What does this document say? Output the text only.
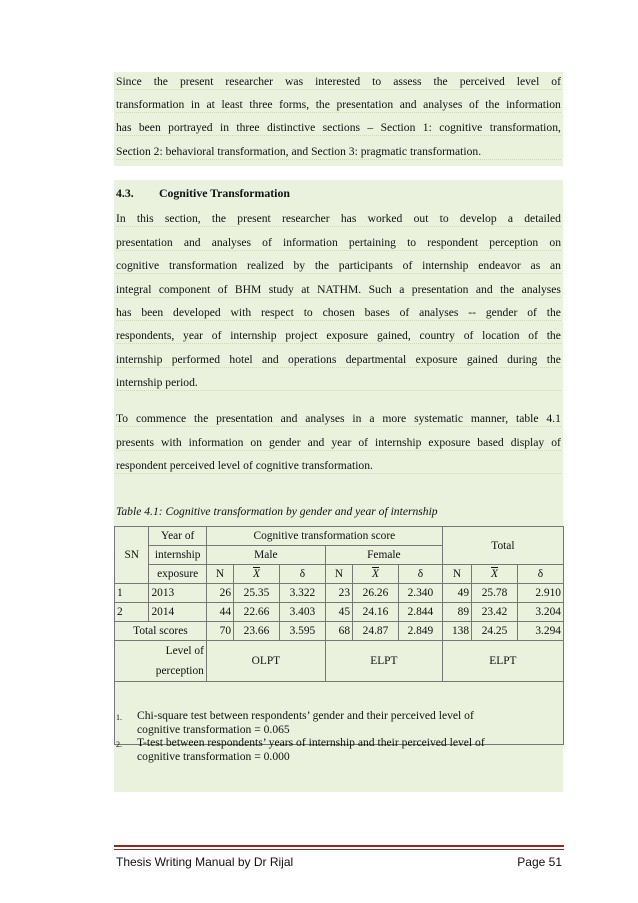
Since the present researcher was interested to assess the perceived level of
transformation in at least three forms, the presentation and analyses of the information
has been portrayed in three distinctive sections – Section 1: cognitive transformation,
Section 2: behavioral transformation, and Section 3: pragmatic transformation.
4.3. Cognitive Transformation
In this section, the present researcher has worked out to develop a detailed
presentation and analyses of information pertaining to respondent perception on
cognitive transformation realized by the participants of internship endeavor as an
integral component of BHM study at NATHM. Such a presentation and the analyses
has been developed with respect to chosen bases of analyses -- gender of the
respondents, year of internship project exposure gained, country of location of the
internship performed hotel and operations departmental exposure gained during the
internship period.
To commence the presentation and analyses in a more systematic manner, table 4.1
presents with information on gender and year of internship exposure based display of
respondent perceived level of cognitive transformation.
Table 4.1: Cognitive transformation by gender and year of internship
SN	Year of	Cognitive transformation score						Total		
	internship	Male			Female					
	exposure	N	$\overline{X}$	δ	N	$\overline{X}$	δ	N	$\overline{X}$	δ
1	2013	26	25.35	3.322	23	26.26	2.340	49	25.78	2.910
2	2014	44	22.66	3.403	45	24.16	2.844	89	23.42	3.204
Total scores		70	23.66	3.595	68	24.87	2.849	138	24.25	3.294

Level of
perception		OLPT			ELPT			ELPT		

1.	Chi-square test between respondents’ gender and their perceived level of
cognitive transformation = 0.065
2.	T-test between respondents’ years of internship and their perceived level of
cognitive transformation = 0.000
Thesis Writing Manual by Dr Rijal	Page 51
